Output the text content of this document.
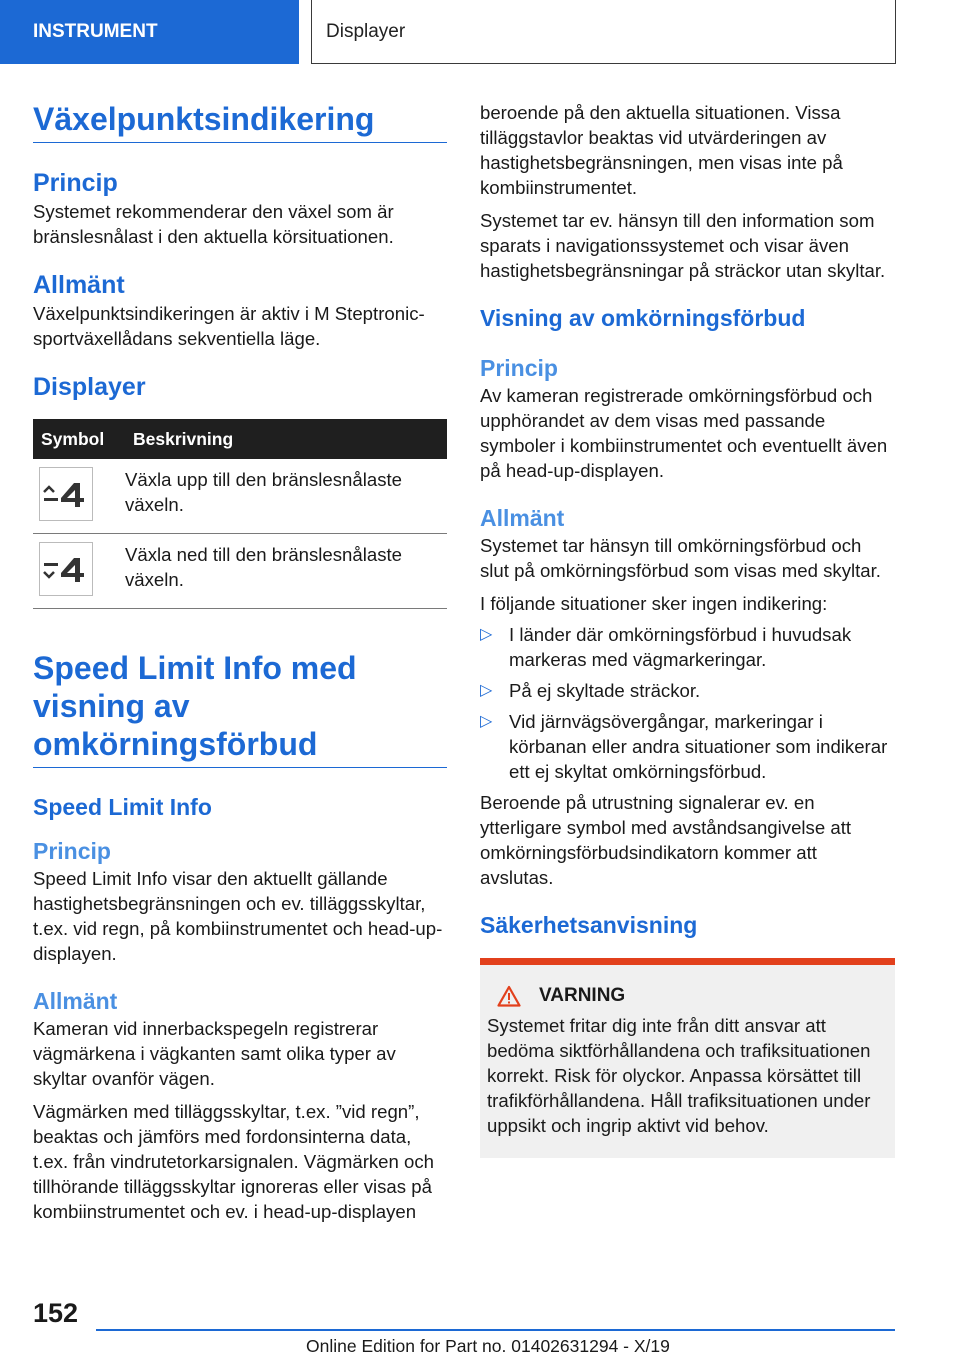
INSTRUMENT	Displayer
Växelpunktsindikering
Princip

Systemet rekommenderar den växel som är bränslesnålast i den aktuella körsituationen.

Allmänt

Växelpunktsindikeringen är aktiv i M Steptronic-sportväxellådans sekventiella läge.

Displayer
Symbol	Beskrivning

	Växla upp till den bränslesnålaste växeln.

	Växla ned till den bränslesnålaste växeln.
Speed Limit Info med visning av omkörningsförbud
Speed Limit Info
Princip

Speed Limit Info visar den aktuellt gällande hastighetsbegränsningen och ev. tilläggsskyltar, t.ex. vid regn, på kombiinstrumentet och head-up-displayen.

Allmänt

Kameran vid innerbackspegeln registrerar vägmärkena i vägkanten samt olika typer av skyltar ovanför vägen.

Vägmärken med tilläggsskyltar, t.ex. ”vid regn”, beaktas och jämförs med fordonsinterna data, t.ex. från vindrutetorkarsignalen. Vägmärken och tillhörande tilläggsskyltar ignoreras eller visas på kombiinstrumentet och ev. i head-up-displayen

beroende på den aktuella situationen. Vissa tilläggstavlor beaktas vid utvärderingen av hastighetsbegränsningen, men visas inte på kombiinstrumentet.

Systemet tar ev. hänsyn till den information som sparats i navigationssystemet och visar även hastighetsbegränsningar på sträckor utan skyltar.

Visning av omkörningsförbud
Princip

Av kameran registrerade omkörningsförbud och upphörandet av dem visas med passande symboler i kombiinstrumentet och eventuellt även på head-up-displayen.

Allmänt

Systemet tar hänsyn till omkörningsförbud och slut på omkörningsförbud som visas med skyltar.

I följande situationer sker ingen indikering:

▷ I länder där omkörningsförbud i huvudsak markeras med vägmarkeringar.
▷ På ej skyltade sträckor.
▷ Vid järnvägsövergångar, markeringar i körbanan eller andra situationer som indikerar ett ej skyltat omkörningsförbud.

Beroende på utrustning signalerar ev. en ytterligare symbol med avståndsangivelse att omkörningsförbudsindikatorn kommer att avslutas.

Säkerhetsanvisning
VARNING

Systemet fritar dig inte från ditt ansvar att bedöma siktförhållandena och trafiksituationen korrekt. Risk för olyckor. Anpassa körsättet till trafikförhållandena. Håll trafiksituationen under uppsikt och ingrip aktivt vid behov.

152
Online Edition for Part no. 01402631294 - X/19
